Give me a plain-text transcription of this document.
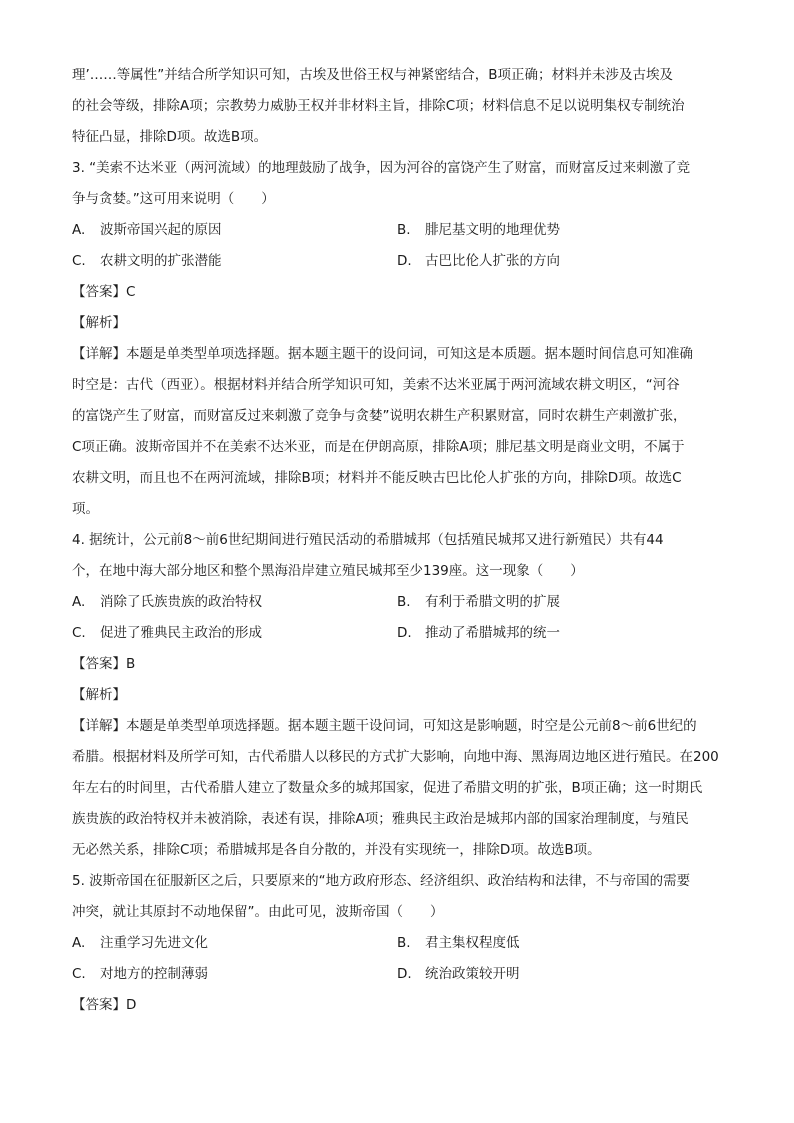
理’……等属性”并结合所学知识可知，古埃及世俗王权与神紧密结合，B项正确；材料并未涉及古埃及

的社会等级，排除A项；宗教势力威胁王权并非材料主旨，排除C项；材料信息不足以说明集权专制统治

特征凸显，排除D项。故选B项。

3. “美索不达米亚（两河流域）的地理鼓励了战争，因为河谷的富饶产生了财富，而财富反过来刺激了竞

争与贪婪。”这可用来说明（　　）

A. 波斯帝国兴起的原因	B. 腓尼基文明的地理优势
C. 农耕文明的扩张潜能	D. 古巴比伦人扩张的方向

【答案】C

【解析】

【详解】本题是单类型单项选择题。据本题主题干的设问词，可知这是本质题。据本题时间信息可知准确

时空是：古代（西亚）。根据材料并结合所学知识可知，美索不达米亚属于两河流域农耕文明区，“河谷

的富饶产生了财富，而财富反过来刺激了竞争与贪婪”说明农耕生产积累财富，同时农耕生产刺激扩张，

C项正确。波斯帝国并不在美索不达米亚，而是在伊朗高原，排除A项；腓尼基文明是商业文明，不属于

农耕文明，而且也不在两河流域，排除B项；材料并不能反映古巴比伦人扩张的方向，排除D项。故选C

项。

4. 据统计，公元前8～前6世纪期间进行殖民活动的希腊城邦（包括殖民城邦又进行新殖民）共有44

个，在地中海大部分地区和整个黑海沿岸建立殖民城邦至少139座。这一现象（　　）

A. 消除了氏族贵族的政治特权	B. 有利于希腊文明的扩展
C. 促进了雅典民主政治的形成	D. 推动了希腊城邦的统一

【答案】B

【解析】

【详解】本题是单类型单项选择题。据本题主题干设问词，可知这是影响题，时空是公元前8～前6世纪的

希腊。根据材料及所学可知，古代希腊人以移民的方式扩大影响，向地中海、黑海周边地区进行殖民。在200

年左右的时间里，古代希腊人建立了数量众多的城邦国家，促进了希腊文明的扩张，B项正确；这一时期氏

族贵族的政治特权并未被消除，表述有误，排除A项；雅典民主政治是城邦内部的国家治理制度，与殖民

无必然关系，排除C项；希腊城邦是各自分散的，并没有实现统一，排除D项。故选B项。

5. 波斯帝国在征服新区之后，只要原来的“地方政府形态、经济组织、政治结构和法律，不与帝国的需要

冲突，就让其原封不动地保留”。由此可见，波斯帝国（　　）

A. 注重学习先进文化	B. 君主集权程度低
C. 对地方的控制薄弱	D. 统治政策较开明

【答案】D
